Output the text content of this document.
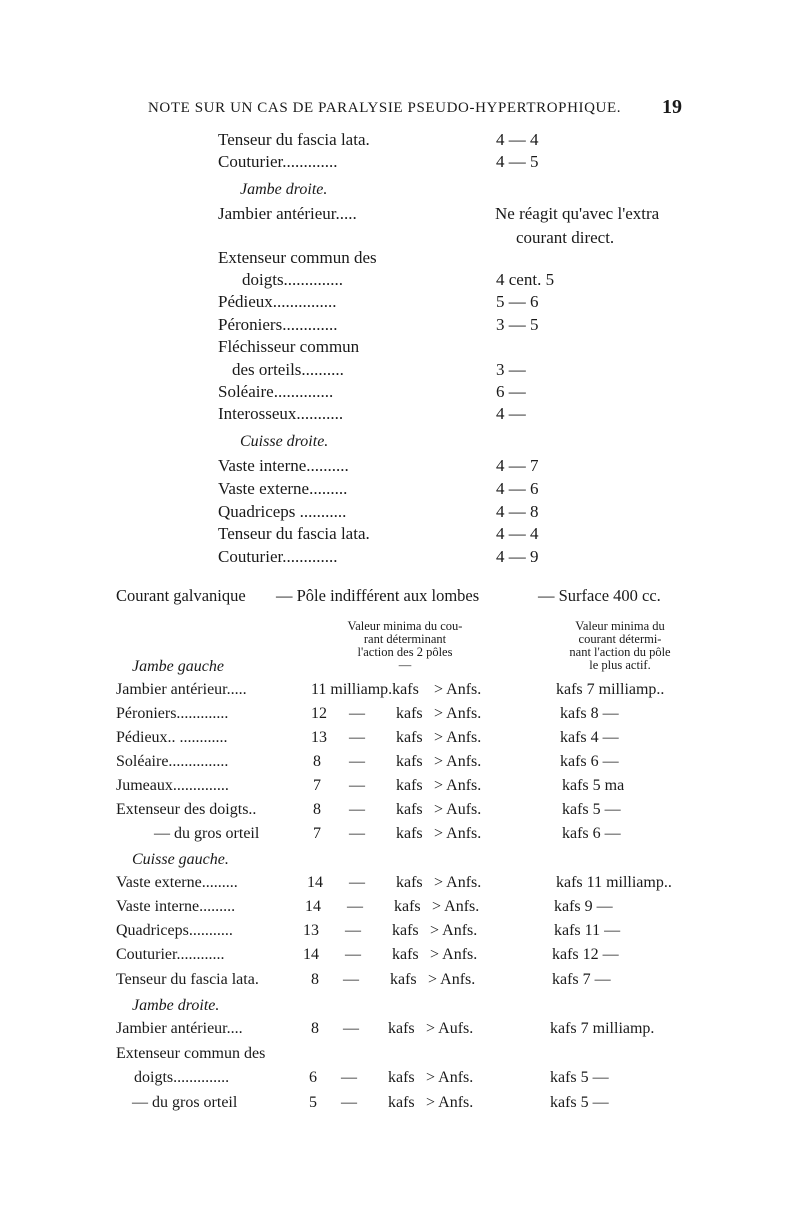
NOTE SUR UN CAS DE PARALYSIE PSEUDO-HYPERTROPHIQUE. 19
Tenseur du fascia lata.	4 — 4
Couturier.............	4 — 5
Jambe droite.
Jambier antérieur.....	Ne réagit qu'avec l'extra
courant direct.
Extenseur commun des
doigts..............	4 cent. 5
Pédieux...............	5 — 6
Péroniers.............	3 — 5
Fléchisseur commun
des orteils..........	3 —
Soléaire..............	6 —
Interosseux...........	4 —
Cuisse droite.
Vaste interne..........	4 — 7
Vaste externe.........	4 — 6
Quadriceps ...........	4 — 8
Tenseur du fascia lata.	4 — 4
Couturier.............	4 — 9
Courant galvanique — Pôle indifférent aux lombes	— Surface 400 cc.
Valeur minima du cou-
rant déterminant
l'action des 2 pôles
—
Valeur minima du
courant détermi-
nant l'action du pôle
le plus actif.
Jambe gauche
Jambier antérieur.....	11 milliamp.kafs > Anfs.	kafs 7 milliamp..
Péroniers.............	12 — kafs > Anfs.	kafs 8 —
Pédieux.. ............	13 — kafs > Anfs.	kafs 4 —
Soléaire...............	8 — kafs > Anfs.	kafs 6 —
Jumeaux..............	7 — kafs > Anfs.	kafs 5 ma
Extenseur des doigts..	8 — kafs > Aufs.	kafs 5 —
— du gros orteil	7 — kafs > Anfs.	kafs 6 —
Cuisse gauche.
Vaste externe.........	14 — kafs > Anfs.	kafs 11 milliamp..
Vaste interne.........	14 — kafs > Anfs.	kafs 9 —
Quadriceps...........	13 — kafs > Anfs.	kafs 11 —
Couturier............	14 — kafs > Anfs.	kafs 12 —
Tenseur du fascia lata.	8 — kafs > Anfs.	kafs 7 —
Jambe droite.
Jambier antérieur....	8 — kafs > Aufs.	kafs 7 milliamp.
Extenseur commun des
doigts..............	6 — kafs > Anfs.	kafs 5 —
— du gros orteil	5 — kafs > Anfs.	kafs 5 —
